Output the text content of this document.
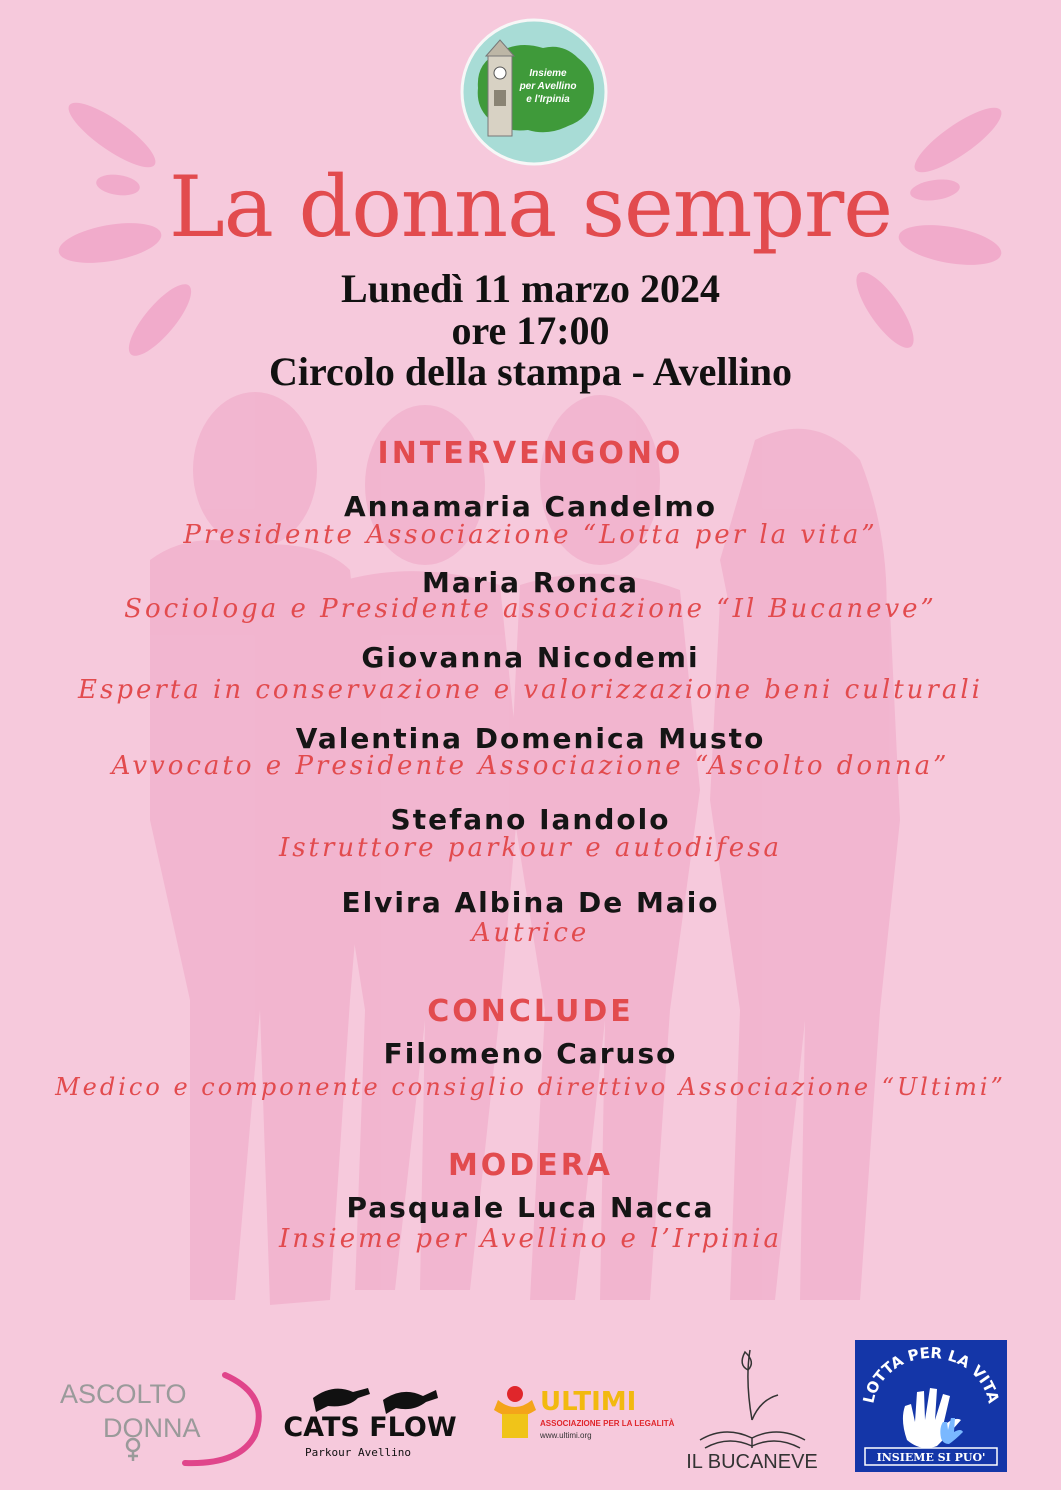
Insieme
per Avellino
e l'Irpinia
La donna sempre
Lunedì 11 marzo 2024
ore 17:00
Circolo della stampa - Avellino
INTERVENGONO
Annamaria Candelmo
Presidente Associazione “Lotta per la vita”
Maria Ronca
Sociologa e Presidente associazione “Il Bucaneve”
Giovanna Nicodemi
Esperta in conservazione e valorizzazione beni culturali
Valentina Domenica Musto
Avvocato e Presidente Associazione “Ascolto donna”
Stefano Iandolo
Istruttore parkour e autodifesa
Elvira Albina De Maio
Autrice
CONCLUDE
Filomeno Caruso
Medico e componente consiglio direttivo Associazione “Ultimi”
MODERA
Pasquale Luca Nacca
Insieme per Avellino e l’Irpinia
ASCOLTO
DONNA	CATS FLOW
Parkour Avellino
ULTIMI
ASSOCIAZIONE PER LA LEGALITÀ
www.ultimi.org
IL BUCANEVE
LOTTA PER LA VITA
INSIEME SI PUO'
